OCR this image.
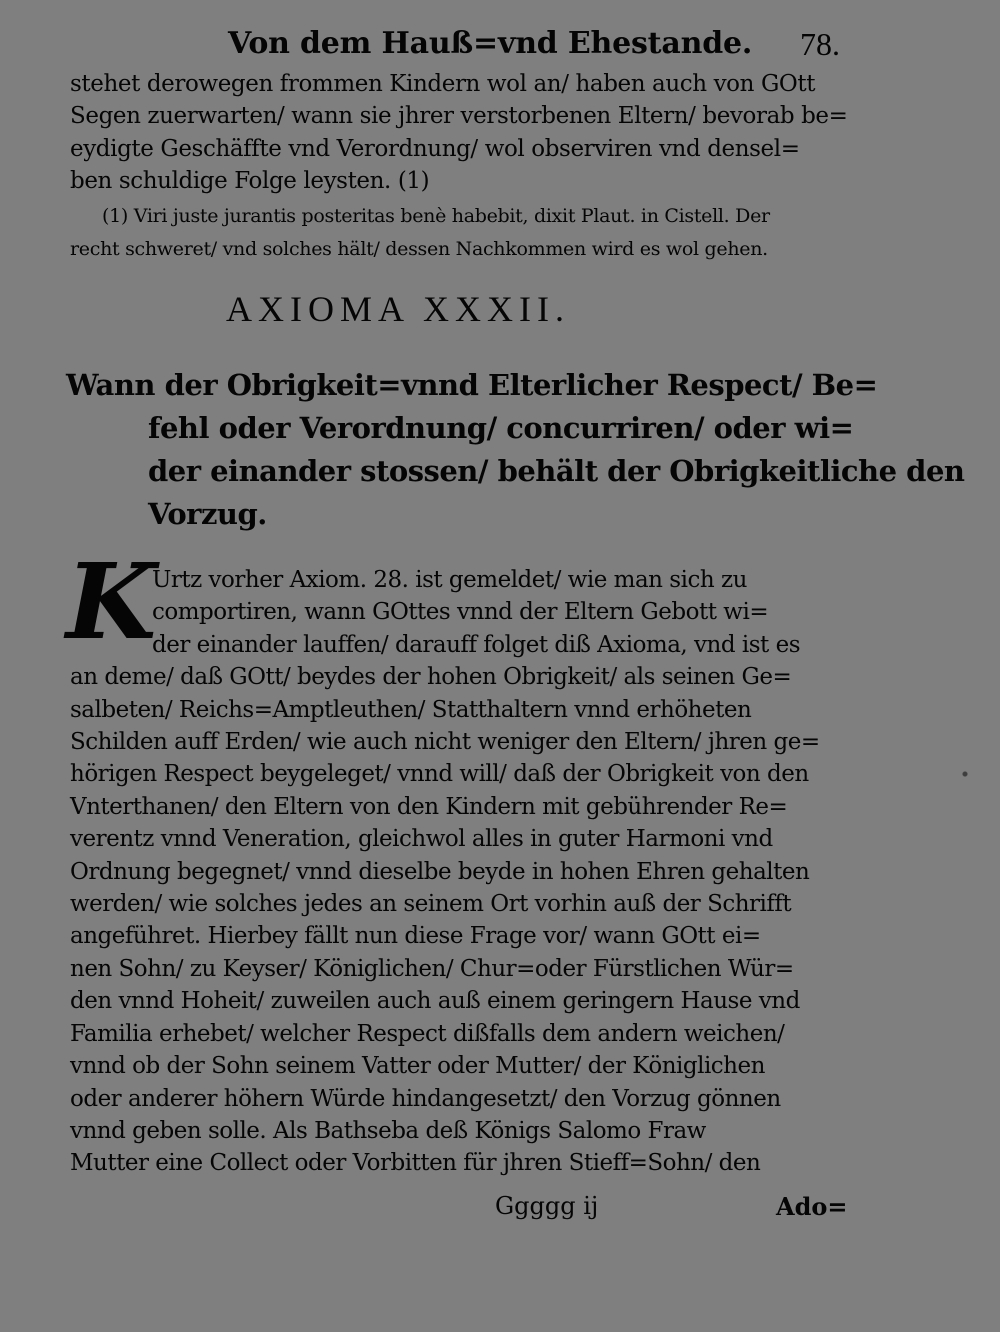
Von dem Hauß=vnd Ehestande. 78.
stehet derowegen frommen Kindern wol an/ haben auch von GOtt
Segen zuerwarten/ wann sie jhrer verstorbenen Eltern/ bevorab be=
eydigte Geschäffte vnd Verordnung/ wol observiren vnd densel=
ben schuldige Folge leysten. (1)
(1) Viri juste jurantis posteritas benè habebit, dixit Plaut. in Cistell. Der
recht schweret/ vnd solches hält/ dessen Nachkommen wird es wol gehen.
AXIOMA XXXII.
Wann der Obrigkeit=vnnd Elterlicher Respect/ Be=
fehl oder Verordnung/ concurriren/ oder wi=
der einander stossen/ behält der Obrigkeitliche den
Vorzug.
K
Urtz vorher Axiom. 28. ist gemeldet/ wie man sich zu
comportiren, wann GOttes vnnd der Eltern Gebott wi=
der einander lauffen/ darauff folget diß Axioma, vnd ist es
an deme/ daß GOtt/ beydes der hohen Obrigkeit/ als seinen Ge=
salbeten/ Reichs=Amptleuthen/ Statthaltern vnnd erhöheten
Schilden auff Erden/ wie auch nicht weniger den Eltern/ jhren ge=
hörigen Respect beygeleget/ vnnd will/ daß der Obrigkeit von den
Vnterthanen/ den Eltern von den Kindern mit gebührender Re=
verentz vnnd Veneration, gleichwol alles in guter Harmoni vnd
Ordnung begegnet/ vnnd dieselbe beyde in hohen Ehren gehalten
werden/ wie solches jedes an seinem Ort vorhin auß der Schrifft
angeführet. Hierbey fällt nun diese Frage vor/ wann GOtt ei=
nen Sohn/ zu Keyser/ Königlichen/ Chur=oder Fürstlichen Wür=
den vnnd Hoheit/ zuweilen auch auß einem geringern Hause vnd
Familia erhebet/ welcher Respect dißfalls dem andern weichen/
vnnd ob der Sohn seinem Vatter oder Mutter/ der Königlichen
oder anderer höhern Würde hindangesetzt/ den Vorzug gönnen
vnnd geben solle. Als Bathseba deß Königs Salomo Fraw
Mutter eine Collect oder Vorbitten für jhren Stieff=Sohn/ den
Ggggg ij	Ado=
